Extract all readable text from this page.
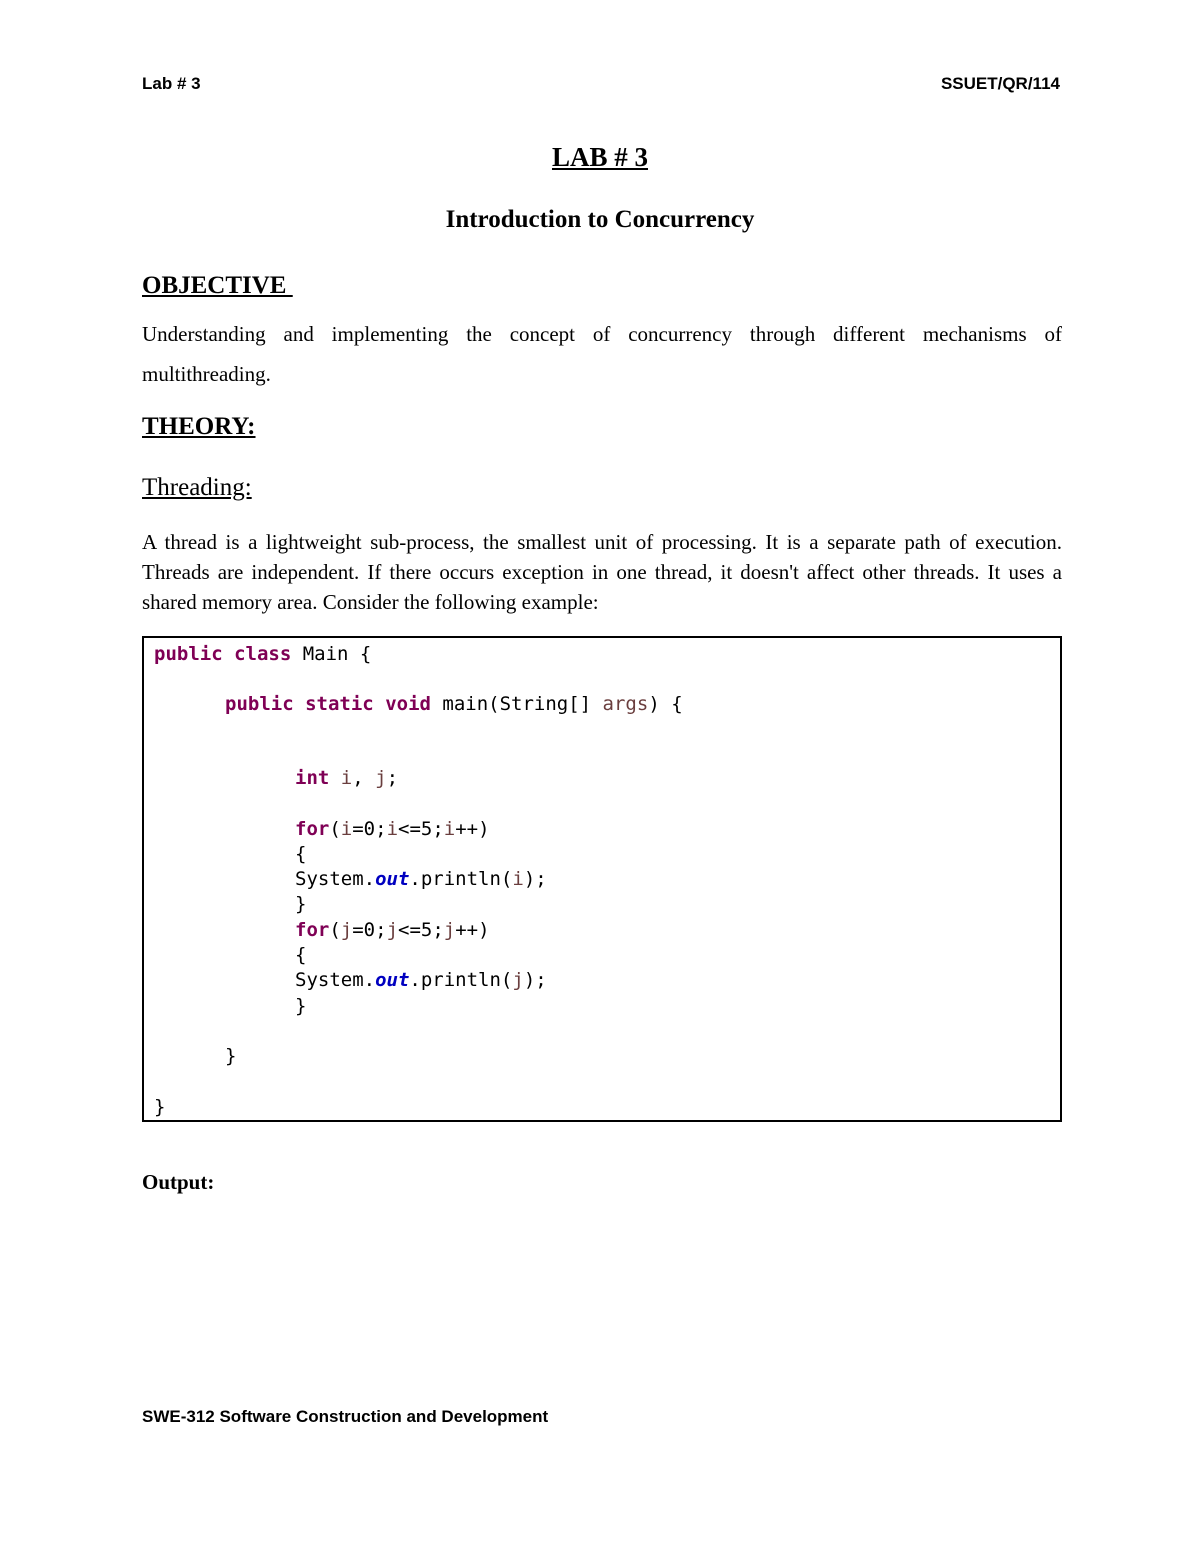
Lab # 3	SSUET/QR/114
LAB # 3
Introduction to Concurrency
OBJECTIVE
Understanding and implementing the concept of concurrency through different mechanisms of multithreading.
THEORY:
Threading:
A thread is a lightweight sub-process, the smallest unit of processing. It is a separate path of execution. Threads are independent. If there occurs exception in one thread, it doesn't affect other threads. It uses a shared memory area. Consider the following example:
public class Main {
public static void main(String[] args) {
int i, j;
for(i=0;i<=5;i++)
{
System.out.println(i);
}
for(j=0;j<=5;j++)
{
System.out.println(j);
}
}
}
Output:
SWE-312 Software Construction and Development
